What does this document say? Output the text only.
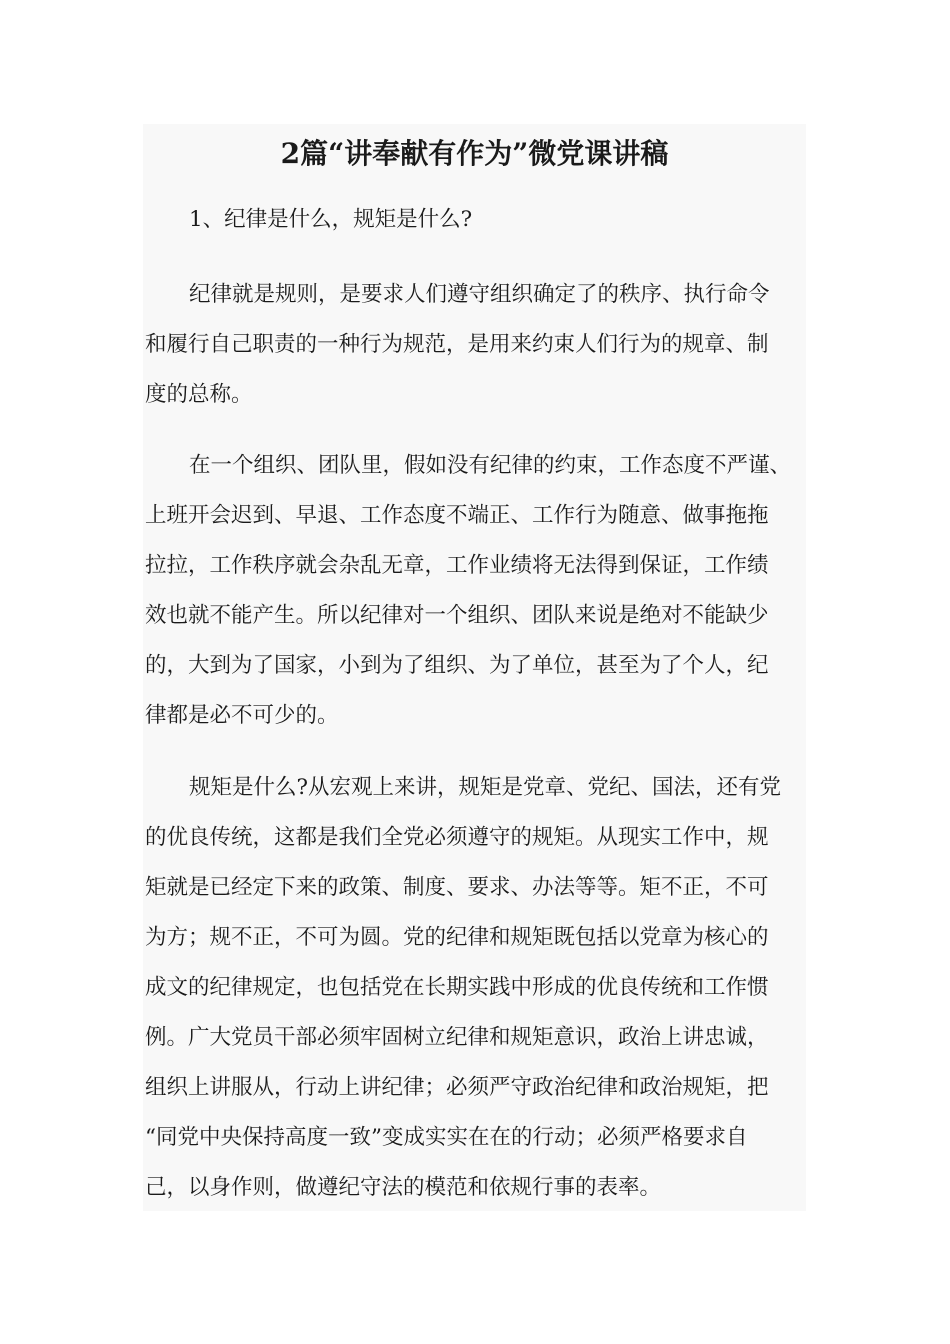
2篇“讲奉献有作为”微党课讲稿
1、纪律是什么，规矩是什么?
纪律就是规则，是要求人们遵守组织确定了的秩序、执行命令
和履行自己职责的一种行为规范，是用来约束人们行为的规章、制
度的总称。
在一个组织、团队里，假如没有纪律的约束，工作态度不严谨、
上班开会迟到、早退、工作态度不端正、工作行为随意、做事拖拖
拉拉，工作秩序就会杂乱无章，工作业绩将无法得到保证，工作绩
效也就不能产生。所以纪律对一个组织、团队来说是绝对不能缺少
的，大到为了国家，小到为了组织、为了单位，甚至为了个人，纪
律都是必不可少的。
规矩是什么?从宏观上来讲，规矩是党章、党纪、国法，还有党
的优良传统，这都是我们全党必须遵守的规矩。从现实工作中，规
矩就是已经定下来的政策、制度、要求、办法等等。矩不正，不可
为方；规不正，不可为圆。党的纪律和规矩既包括以党章为核心的
成文的纪律规定，也包括党在长期实践中形成的优良传统和工作惯
例。广大党员干部必须牢固树立纪律和规矩意识，政治上讲忠诚，
组织上讲服从，行动上讲纪律；必须严守政治纪律和政治规矩，把
“同党中央保持高度一致”变成实实在在的行动；必须严格要求自
己，以身作则，做遵纪守法的模范和依规行事的表率。
